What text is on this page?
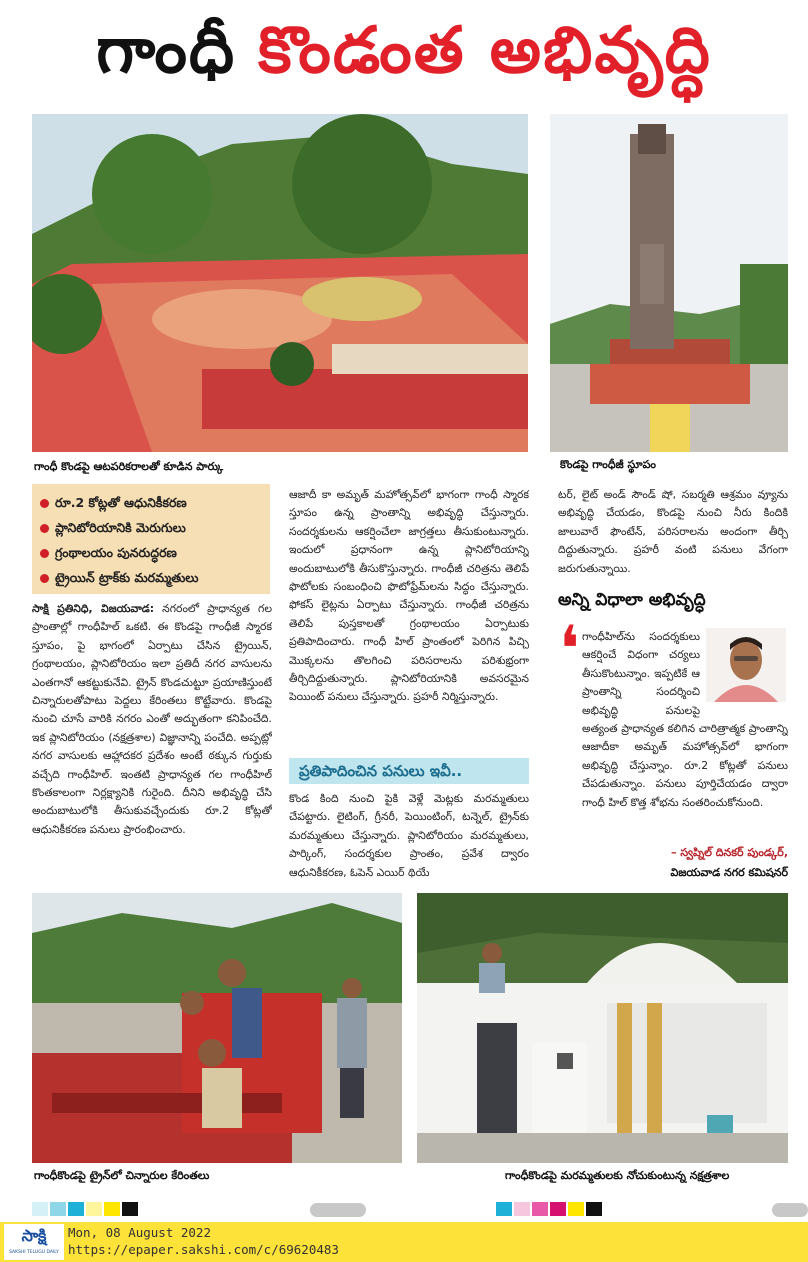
గాంధీ కొండంత అభివృద్ధి
గాంధీ కొండపై ఆటపరికరాలతో కూడిన పార్కు	కొండపై గాంధీజీ స్థూపం
రూ.2 కోట్లతో ఆధునికీకరణ
ప్లానిటోరియానికి మెరుగులు
గ్రంథాలయం పునరుద్ధరణ
ట్రైయిన్ ట్రాక్‌కు మరమ్మతులు

సాక్షి ప్రతినిధి, విజయవాడ: నగరంలో ప్రాధాన్యత గల ప్రాంతాల్లో గాంధీహిల్ ఒకటి. ఈ కొండపై గాంధీజీ స్మారక స్తూపం, పై భాగంలో ఏర్పాటు చేసిన ట్రైయిన్, గ్రంథాలయం, ప్లానిటోరియం ఇలా ప్రతిదీ నగర వాసులను ఎంతగానో ఆకట్టుకునేవి. ట్రైన్ కొండచుట్టూ ప్రయాణిస్తుంటే చిన్నారులతోపాటు పెద్దలు కేరింతలు కొట్టేవారు. కొండపై నుంచి చూసే వారికి నగరం ఎంతో అద్భుతంగా కనిపించేది. ఇక ప్లానిటోరియం (నక్షత్రశాల) విజ్ఞానాన్ని పంచేది. అప్పట్లో నగర వాసులకు ఆహ్లాదకర ప్రదేశం అంటే ఠక్కున గుర్తుకు వచ్చేది గాంధీహిల్. ఇంతటి ప్రాధాన్యత గల గాంధీహిల్ కొంతకాలంగా నిర్లక్ష్యానికి గురైంది. దీనిని అభివృద్ధి చేసి అందుబాటులోకి తీసుకువచ్చేందుకు రూ.2 కోట్లతో ఆధునికీకరణ పనులు ప్రారంభించారు.

ఆజాదీ కా అమృత్ మహోత్సవ్‌లో భాగంగా గాంధీ స్మారక స్తూపం ఉన్న ప్రాంతాన్ని అభివృద్ధి చేస్తున్నారు. సందర్శకులను ఆకర్షించేలా జాగ్రత్తలు తీసుకుంటున్నారు. ఇందులో ప్రధానంగా ఉన్న ప్లానిటోరియాన్ని అందుబాటులోకి తీసుకొస్తున్నారు. గాంధీజీ చరిత్రను తెలిపే ఫొటోలకు సంబంధించి ఫొటోఫ్రేమ్‌లను సిద్ధం చేస్తున్నారు. ఫోకస్ లైట్లను ఏర్పాటు చేస్తున్నారు. గాంధీజీ చరిత్రను తెలిపే పుస్తకాలతో గ్రంథాలయం ఏర్పాటుకు ప్రతిపాదించారు. గాంధీ హిల్ ప్రాంతంలో పెరిగిన పిచ్చి మొక్కలను తొలగించి పరిసరాలను పరిశుభ్రంగా తీర్చిదిద్దుతున్నారు. ప్లానిటోరియానికి అవసరమైన పెయింట్ పనులు చేస్తున్నారు. ప్రహరీ నిర్మిస్తున్నారు.

ప్రతిపాదించిన పనులు ఇవీ..

కొండ కింది నుంచి పైకి వెళ్లే మెట్లకు మరమ్మతులు చేపట్టారు. లైటింగ్, గ్రీనరీ, పెయింటింగ్, టన్నెల్, ట్రైన్‌కు మరమ్మతులు చేస్తున్నారు. ప్లానిటోరియం మరమ్మతులు, పార్కింగ్, సందర్శకుల ప్రాంతం, ప్రవేశ ద్వారం ఆధునికీకరణ, ఓపెన్ ఎయిర్ థియే

టర్, లైట్ అండ్ సౌండ్ షో, సబర్మతి ఆశ్రమం వ్యూను అభివృద్ధి చేయడం, కొండపై నుంచి నీరు కిందికి జాలువారే ఫౌంటేన్, పరిసరాలను అందంగా తీర్చి దిద్దుతున్నారు. ప్రహరీ వంటి పనులు వేగంగా జరుగుతున్నాయి.

అన్ని విధాలా అభివృద్ధి
❛ గాంధీహిల్‌ను సందర్శకులు ఆకర్షించే విధంగా చర్యలు తీసుకొంటున్నాం. ఇప్పటికే ఆ ప్రాంతాన్ని సందర్శించి అభివృద్ధి పనులపై

అత్యంత ప్రాధాన్యత కలిగిన చారిత్రాత్మక ప్రాంతాన్ని ఆజాదీకా అమృత్ మహోత్సవ్‌లో భాగంగా అభివృద్ధి చేస్తున్నాం. రూ.2 కోట్లతో పనులు చేపడుతున్నాం. పనులు పూర్తిచేయడం ద్వారా గాంధీ హిల్ కొత్త శోభను సంతరించుకోనుంది.

– స్వప్నిల్ దినకర్ పుండ్కర్,
విజయవాడ నగర కమిషనర్
గాంధీకొండపై ట్రైన్‌లో చిన్నారుల కేరింతలు	గాంధీకొండపై మరమ్మతులకు నోచుకుంటున్న నక్షత్రశాల
సాక్షి
SAKSHI TELUGU DAILY
Mon, 08 August 2022
https://epaper.sakshi.com/c/69620483
